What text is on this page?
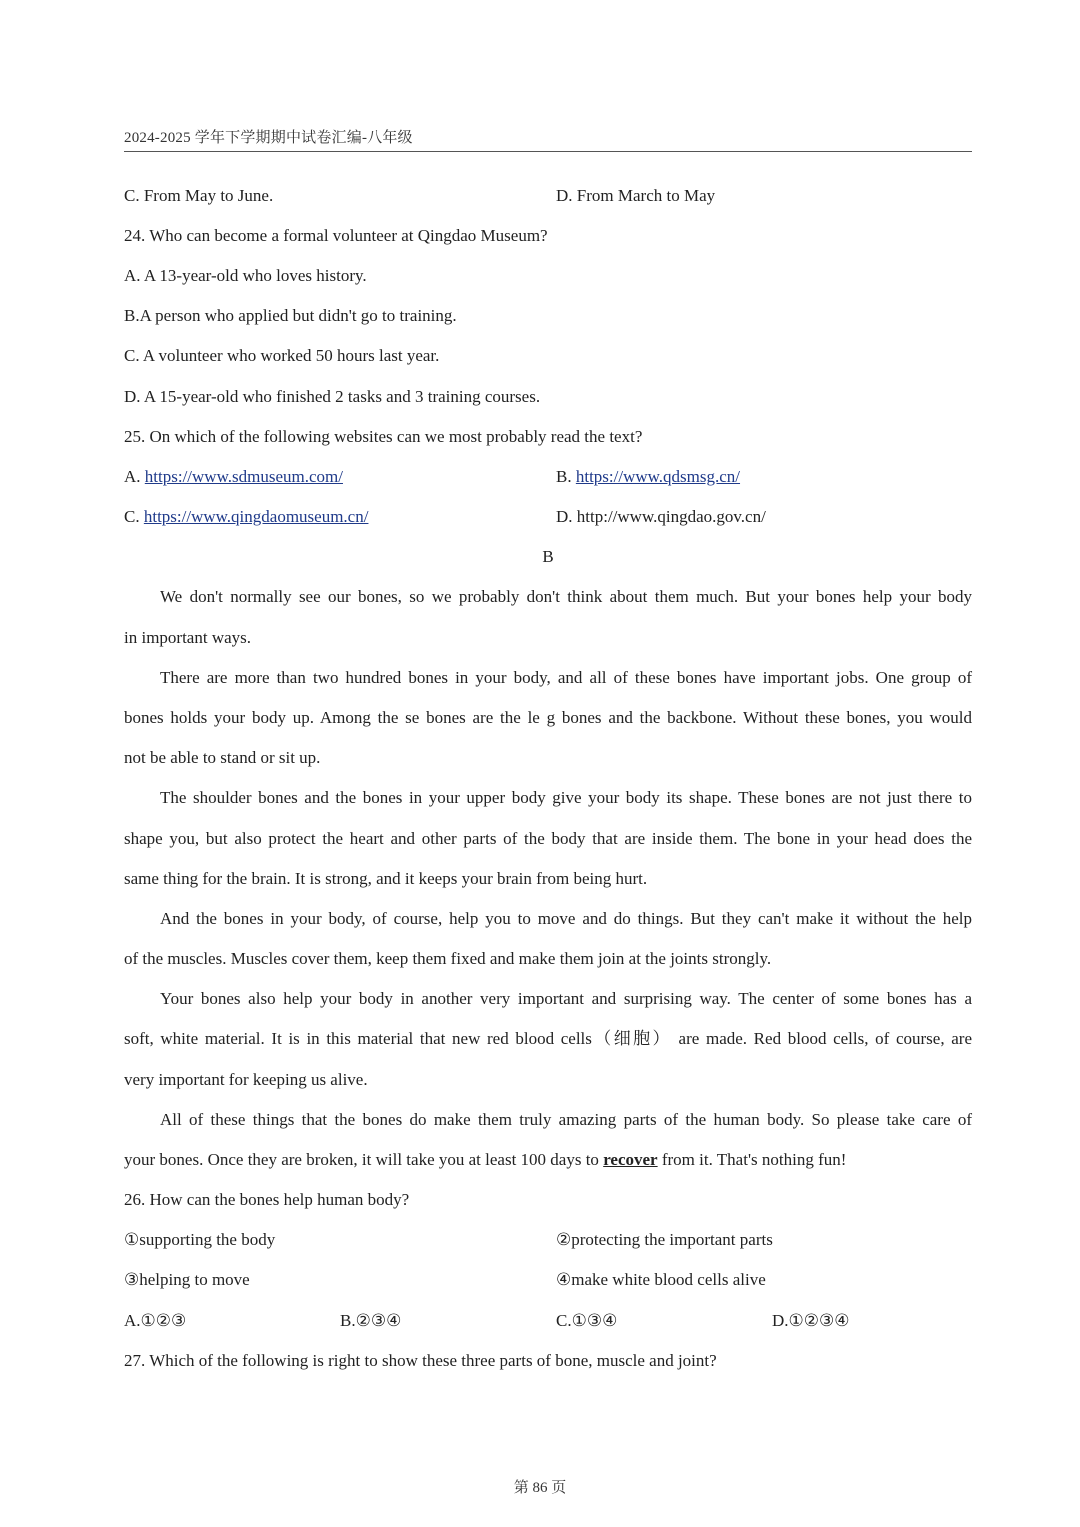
2024-2025 学年下学期期中试卷汇编-八年级
C. From May to June.	D. From March to May
24. Who can become a formal volunteer at Qingdao Museum?
A. A 13-year-old who loves history.
B.A person who applied but didn't go to training.
C. A volunteer who worked 50 hours last year.
D. A 15-year-old who finished 2 tasks and 3 training courses.
25. On which of the following websites can we most probably read the text?
A. https://www.sdmuseum.com/	B. https://www.qdsmsg.cn/
C. https://www.qingdaomuseum.cn/	D. http://www.qingdao.gov.cn/
B
We don't normally see our bones, so we probably don't think about them much. But your bones help your body
in important ways.
There are more than two hundred bones in your body, and all of these bones have important jobs. One group of
bones holds your body up. Among the se bones are the le g bones and the backbone. Without these bones, you would
not be able to stand or sit up.
The shoulder bones and the bones in your upper body give your body its shape. These bones are not just there to
shape you, but also protect the heart and other parts of the body that are inside them. The bone in your head does the
same thing for the brain. It is strong, and it keeps your brain from being hurt.
And the bones in your body, of course, help you to move and do things. But they can't make it without the help
of the muscles. Muscles cover them, keep them fixed and make them join at the joints strongly.
Your bones also help your body in another very important and surprising way. The center of some bones has a
soft, white material. It is in this material that new red blood cells（细胞） are made. Red blood cells, of course, are
very important for keeping us alive.
All of these things that the bones do make them truly amazing parts of the human body. So please take care of
your bones. Once they are broken, it will take you at least 100 days to recover from it. That's nothing fun!
26. How can the bones help human body?
①supporting the body	②protecting the important parts
③helping to move	④make white blood cells alive
A.①②③	B.②③④	C.①③④	D.①②③④
27. Which of the following is right to show these three parts of bone, muscle and joint?
第 86 页
